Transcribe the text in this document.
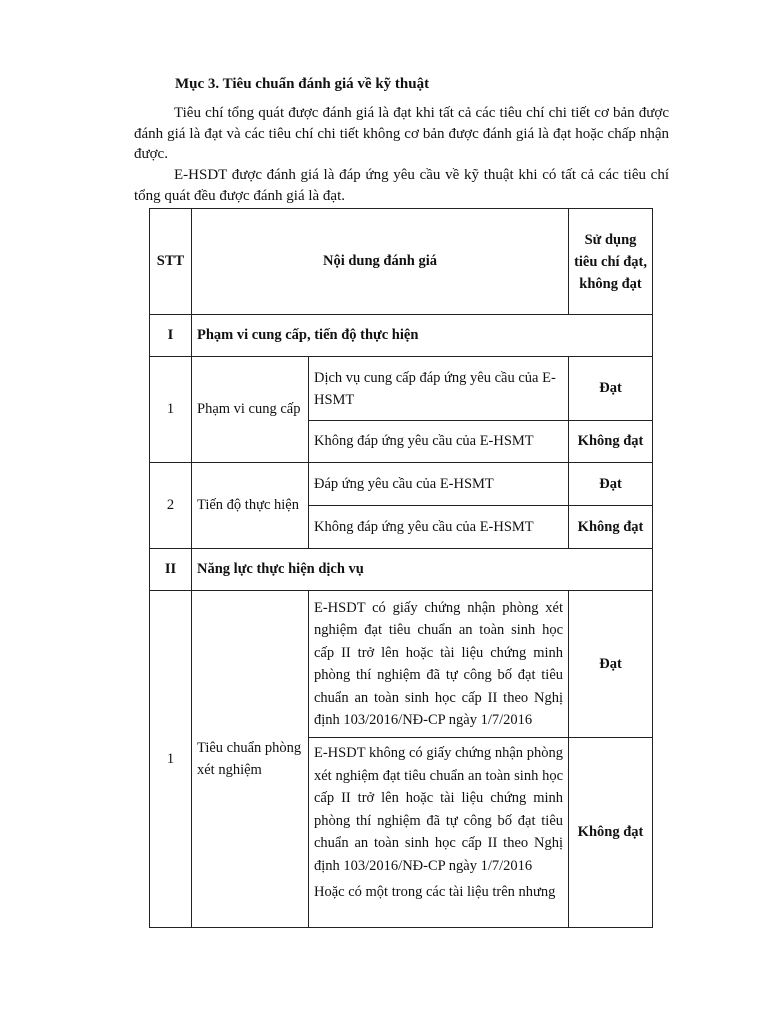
Mục 3. Tiêu chuẩn đánh giá về kỹ thuật
Tiêu chí tổng quát được đánh giá là đạt khi tất cả các tiêu chí chi tiết cơ bản được đánh giá là đạt và các tiêu chí chi tiết không cơ bản được đánh giá là đạt hoặc chấp nhận được.
E-HSDT được đánh giá là đáp ứng yêu cầu về kỹ thuật khi có tất cả các tiêu chí tổng quát đều được đánh giá là đạt.
STT	Nội dung đánh giá		Sử dụng tiêu chí đạt, không đạt
I	Phạm vi cung cấp, tiến độ thực hiện		
1	Phạm vi cung cấp	Dịch vụ cung cấp đáp ứng yêu cầu của E-HSMT	Đạt
		Không đáp ứng yêu cầu của E-HSMT	Không đạt
2	Tiến độ thực hiện	Đáp ứng yêu cầu của E-HSMT	Đạt
		Không đáp ứng yêu cầu của E-HSMT	Không đạt
II	Năng lực thực hiện dịch vụ		
1	Tiêu chuẩn phòng xét nghiệm	E-HSDT có giấy chứng nhận phòng xét nghiệm đạt tiêu chuẩn an toàn sinh học cấp II trở lên hoặc tài liệu chứng minh phòng thí nghiệm đã tự công bố đạt tiêu chuẩn an toàn sinh học cấp II theo Nghị định 103/2016/NĐ-CP ngày 1/7/2016	Đạt

		E-HSDT không có giấy chứng nhận phòng xét nghiệm đạt tiêu chuẩn an toàn sinh học cấp II trở lên hoặc tài liệu chứng minh phòng thí nghiệm đã tự công bố đạt tiêu chuẩn an toàn sinh học cấp II theo Nghị định 103/2016/NĐ-CP ngày 1/7/2016
Hoặc có một trong các tài liệu trên nhưng	Không đạt
